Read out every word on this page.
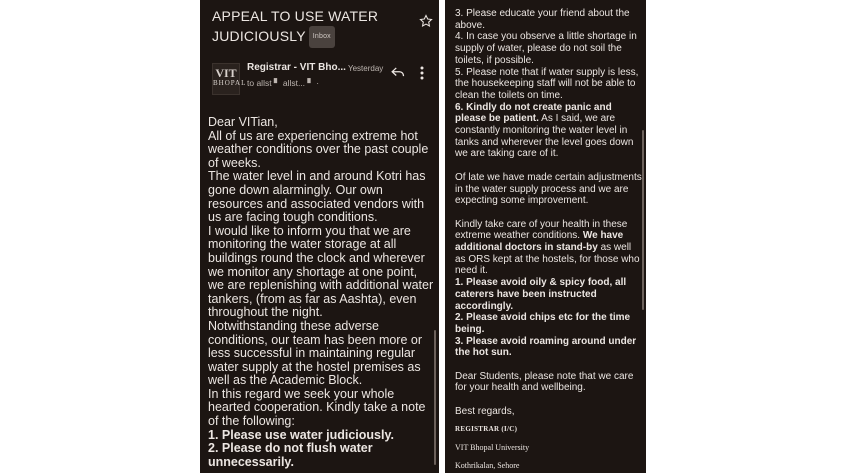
APPEAL TO USE WATER
JUDICIOUSLY Inbox
VIT
BHOPAL
Registrar - VIT Bho... Yesterday
to allst ▘ allst... ▘ ·

Dear VITian,

All of us are experiencing extreme hot weather conditions over the past couple of weeks.

The water level in and around Kotri has gone down alarmingly. Our own resources and associated vendors with us are facing tough conditions.

I would like to inform you that we are monitoring the water storage at all buildings round the clock and wherever we monitor any shortage at one point, we are replenishing with additional water tankers, (from as far as Aashta), even throughout the night.

Notwithstanding these adverse conditions, our team has been more or less successful in maintaining regular water supply at the hostel premises as well as the Academic Block.

In this regard we seek your whole hearted cooperation. Kindly take a note of the following:

1. Please use water judiciously.

2. Please do not flush water unnecessarily.

3. Please educate your friend about the above.

4. In case you observe a little shortage in supply of water, please do not soil the toilets, if possible.

5. Please note that if water supply is less, the housekeeping staff will not be able to clean the toilets on time.

6. Kindly do not create panic and please be patient. As I said, we are constantly monitoring the water level in tanks and wherever the level goes down we are taking care of it.

Of late we have made certain adjustments in the water supply process and we are expecting some improvement.

Kindly take care of your health in these extreme weather conditions. We have additional doctors in stand-by as well as ORS kept at the hostels, for those who need it.

1. Please avoid oily & spicy food, all caterers have been instructed accordingly.

2. Please avoid chips etc for the time being.

3. Please avoid roaming around under the hot sun.

Dear Students, please note that we care for your health and wellbeing.

Best regards,

REGISTRAR (I/C)

VIT Bhopal University

Kothrikalan, Sehore
